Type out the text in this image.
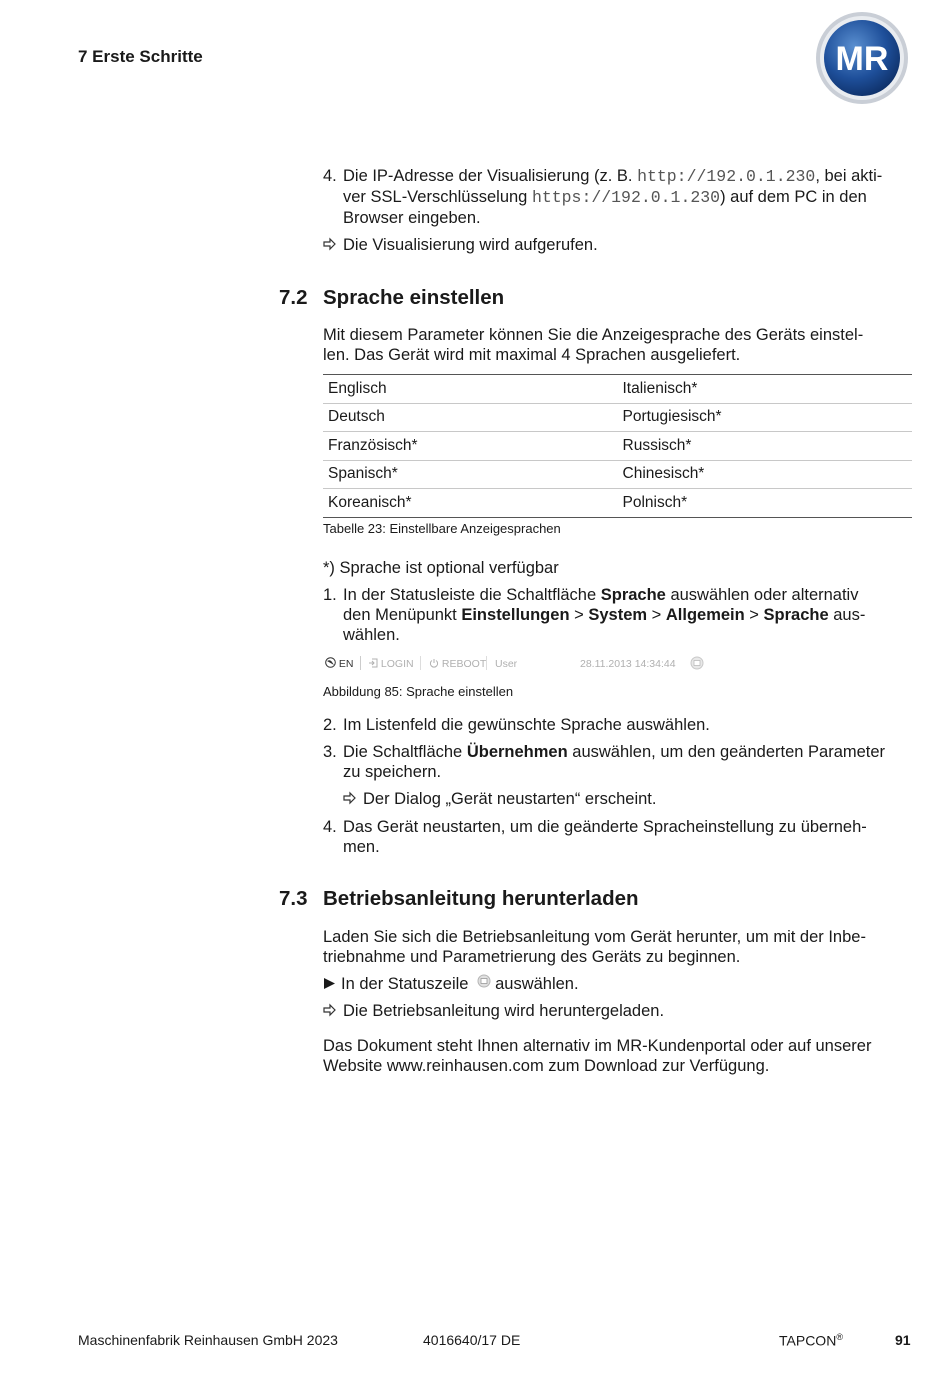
7 Erste Schritte	MR
4. Die IP-Adresse der Visualisierung (z. B. http://192.0.1.230, bei akti-
ver SSL-Verschlüsselung https://192.0.1.230) auf dem PC in den
Browser eingeben.
Die Visualisierung wird aufgerufen.
7.2 Sprache einstellen
Mit diesem Parameter können Sie die Anzeigesprache des Geräts einstel-
len. Das Gerät wird mit maximal 4 Sprachen ausgeliefert.
Englisch	Italienisch*
Deutsch	Portugiesisch*
Französisch*	Russisch*
Spanisch*	Chinesisch*
Koreanisch*	Polnisch*
Tabelle 23: Einstellbare Anzeigesprachen
*) Sprache ist optional verfügbar
1. In der Statusleiste die Schaltfläche Sprache auswählen oder alternativ
den Menüpunkt Einstellungen > System > Allgemein > Sprache aus-
wählen.
EN	LOGIN	REBOOT User	28.11.2013 14:34:44
Abbildung 85: Sprache einstellen
2. Im Listenfeld die gewünschte Sprache auswählen.
3. Die Schaltfläche Übernehmen auswählen, um den geänderten Parameter
zu speichern.
Der Dialog „Gerät neustarten“ erscheint.
4. Das Gerät neustarten, um die geänderte Spracheinstellung zu überneh-
men.
7.3 Betriebsanleitung herunterladen
Laden Sie sich die Betriebsanleitung vom Gerät herunter, um mit der Inbe-
triebnahme und Parametrierung des Geräts zu beginnen.
In der Statuszeile auswählen.
Die Betriebsanleitung wird heruntergeladen.
Das Dokument steht Ihnen alternativ im MR-Kundenportal oder auf unserer
Website www.reinhausen.com zum Download zur Verfügung.
Maschinenfabrik Reinhausen GmbH 2023	4016640/17 DE	TAPCON®	91
